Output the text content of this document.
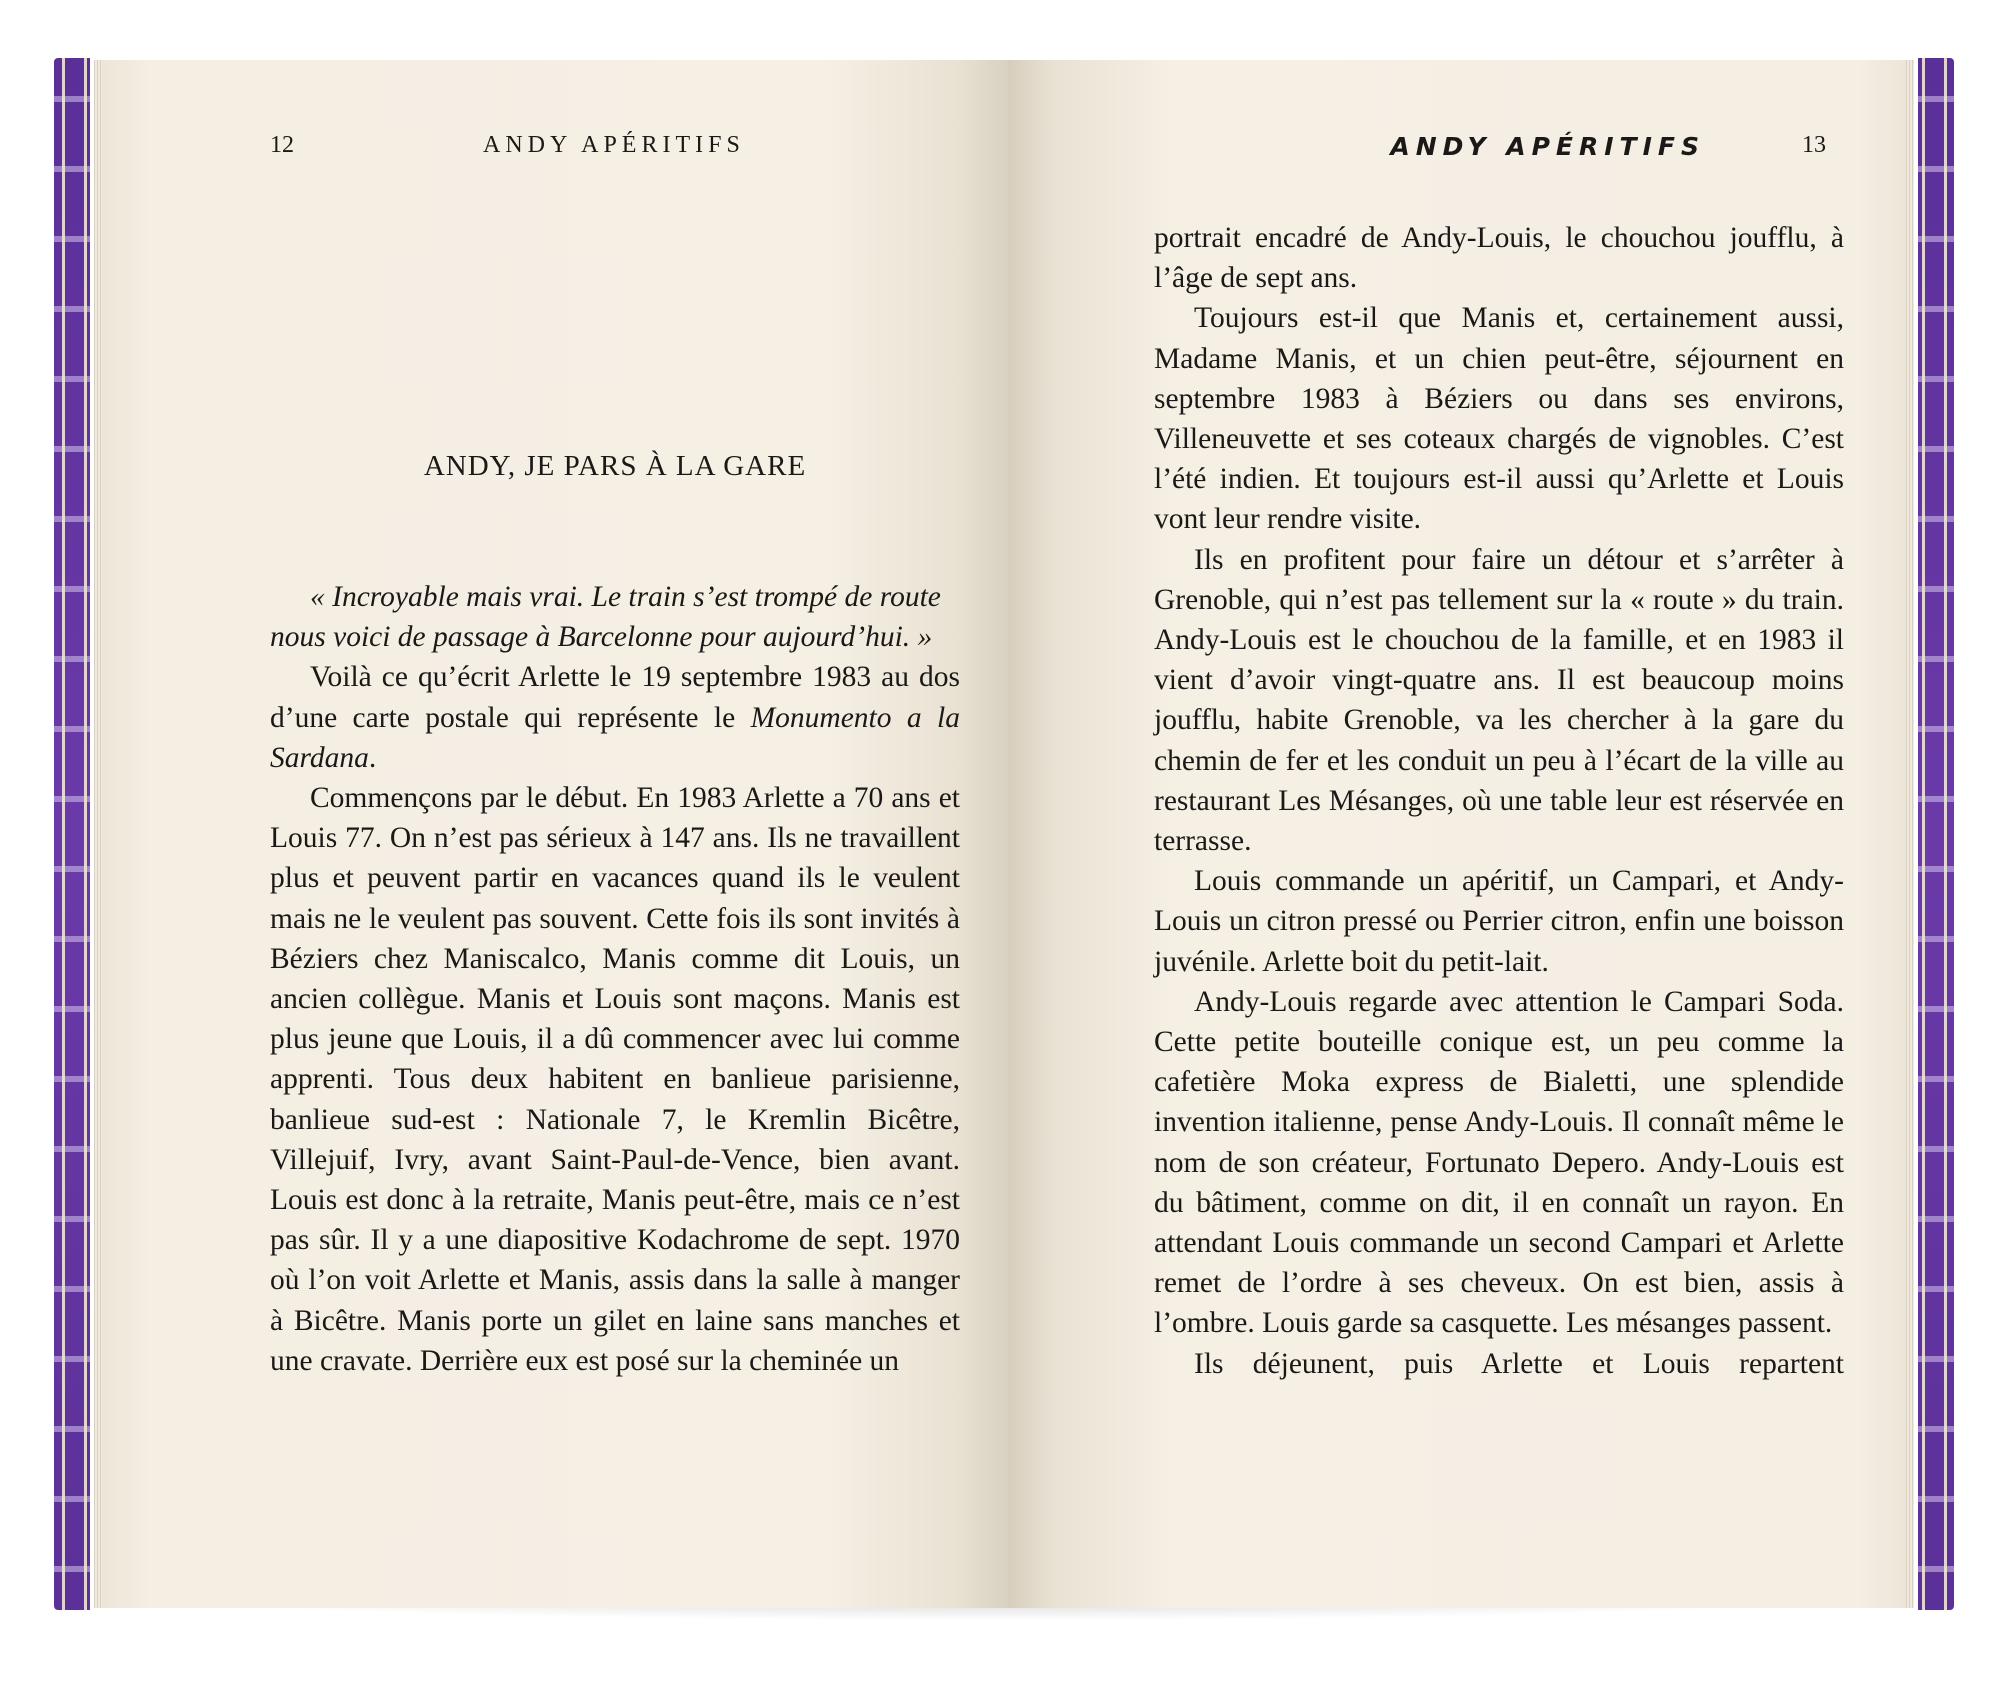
12	ANDY APÉRITIFS
ANDY, JE PARS À LA GARE

« Incroyable mais vrai. Le train s’est trompé de route

nous voici de passage à Barcelonne pour aujourd’hui. »

Voilà ce qu’écrit Arlette le 19 septembre 1983 au dos d’une carte postale qui représente le Monumento a la Sardana.

Commençons par le début. En 1983 Arlette a 70 ans et Louis 77. On n’est pas sérieux à 147 ans. Ils ne travaillent plus et peuvent partir en vacances quand ils le veulent mais ne le veulent pas souvent. Cette fois ils sont invités à Béziers chez Maniscalco, Manis comme dit Louis, un ancien collègue. Manis et Louis sont maçons. Manis est plus jeune que Louis, il a dû commencer avec lui comme apprenti. Tous deux habitent en banlieue parisienne, banlieue sud-est : Nationale 7, le Kremlin Bicêtre, Villejuif, Ivry, avant Saint-Paul-de-Vence, bien avant. Louis est donc à la retraite, Manis peut-être, mais ce n’est pas sûr. Il y a une diapositive Kodachrome de sept. 1970 où l’on voit Arlette et Manis, assis dans la salle à manger à Bicêtre. Manis porte un gilet en laine sans manches et une cravate. Derrière eux est posé sur la cheminée un

ANDY APÉRITIFS	13

portrait encadré de Andy-Louis, le chouchou joufflu, à l’âge de sept ans.

Toujours est-il que Manis et, certainement aussi, Madame Manis, et un chien peut-être, séjournent en septembre 1983 à Béziers ou dans ses environs, Villeneuvette et ses coteaux chargés de vignobles. C’est l’été indien. Et toujours est-il aussi qu’Arlette et Louis vont leur rendre visite.

Ils en profitent pour faire un détour et s’arrêter à Grenoble, qui n’est pas tellement sur la « route » du train. Andy-Louis est le chouchou de la famille, et en 1983 il vient d’avoir vingt-quatre ans. Il est beaucoup moins joufflu, habite Grenoble, va les chercher à la gare du chemin de fer et les conduit un peu à l’écart de la ville au restaurant Les Mésanges, où une table leur est réservée en terrasse.

Louis commande un apéritif, un Campari, et Andy-Louis un citron pressé ou Perrier citron, enfin une boisson juvénile. Arlette boit du petit-lait.

Andy-Louis regarde avec attention le Campari Soda. Cette petite bouteille conique est, un peu comme la cafetière Moka express de Bialetti, une splendide invention italienne, pense Andy-Louis. Il connaît même le nom de son créateur, Fortunato Depero. Andy-Louis est du bâtiment, comme on dit, il en connaît un rayon. En attendant Louis commande un second Campari et Arlette remet de l’ordre à ses cheveux. On est bien, assis à l’ombre. Louis garde sa casquette. Les mésanges passent.

Ils déjeunent, puis Arlette et Louis repartent
